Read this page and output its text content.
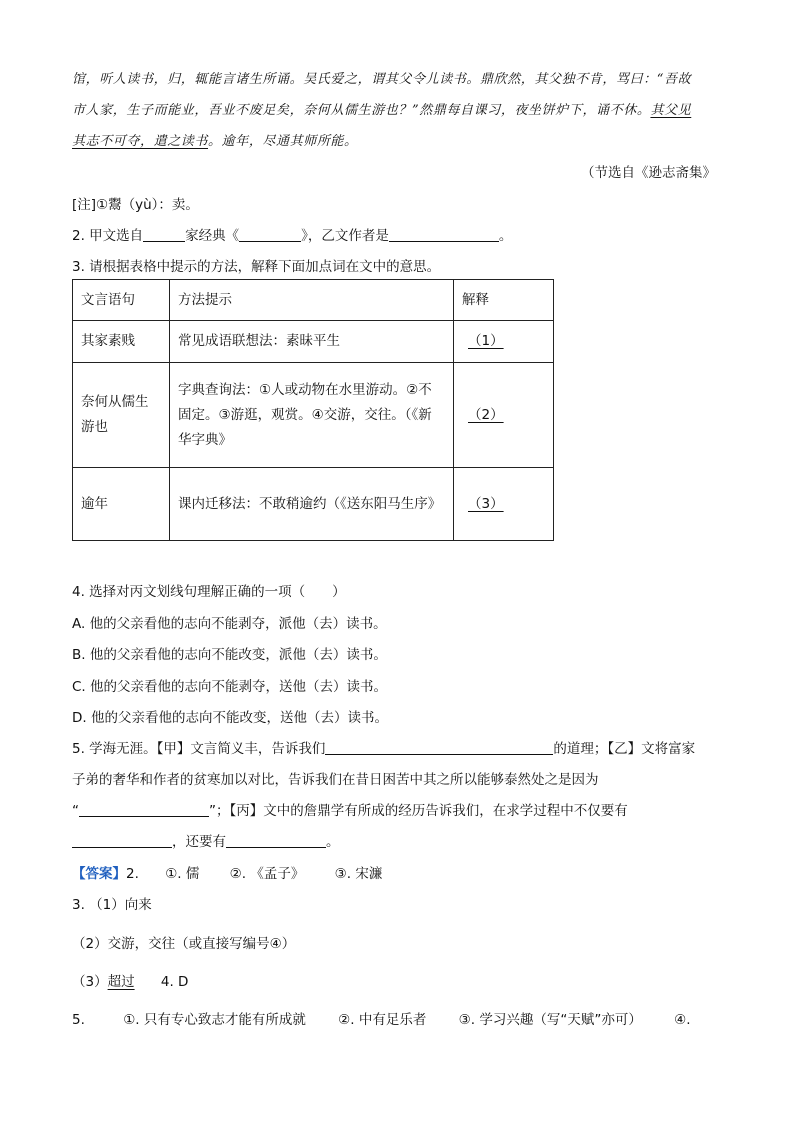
馆，听人读书，归，辄能言诸生所诵。吴氏爱之，谓其父令儿读书。鼎欣然，其父独不肯，骂曰：“吾故
市人家，生子而能业，吾业不废足矣，奈何从儒生游也？”然鼎每自课习，夜坐饼炉下，诵不休。其父见
其志不可夺，遣之读书。逾年，尽通其师所能。
（节选自《逊志斋集》
[注]①鬻（yù）：卖。
2. 甲文选自	家经典《	》，乙文作者是	。
3. 请根据表格中提示的方法，解释下面加点词在文中的意思。
文言语句	方法提示	解释
其家素贱	常见成语联想法：素昧平生	（1）
奈何从儒生游也	字典查询法：①人或动物在水里游动。②不固定。③游逛，观赏。④交游，交往。（《新华字典》	（2）
逾年	课内迁移法：不敢稍逾约（《送东阳马生序》	（3）
4. 选择对丙文划线句理解正确的一项（　　）
A. 他的父亲看他的志向不能剥夺，派他（去）读书。
B. 他的父亲看他的志向不能改变，派他（去）读书。
C. 他的父亲看他的志向不能剥夺，送他（去）读书。
D. 他的父亲看他的志向不能改变，送他（去）读书。
5. 学海无涯。【甲】文言简义丰，告诉我们	的道理；【乙】文将富家
子弟的奢华和作者的贫寒加以对比，告诉我们在昔日困苦中其之所以能够泰然处之是因为
“	”；【丙】文中的詹鼎学有所成的经历告诉我们，在求学过程中不仅要有
，还要有	。
【答案】2. ①. 儒 ②. 《孟子》 ③. 宋濂
3. （1）向来
（2）交游，交往（或直接写编号④）
（3）超过 4. D
5.	①. 只有专心致志才能有所成就 ②. 中有足乐者 ③. 学习兴趣（写“天赋”亦可） ④.
